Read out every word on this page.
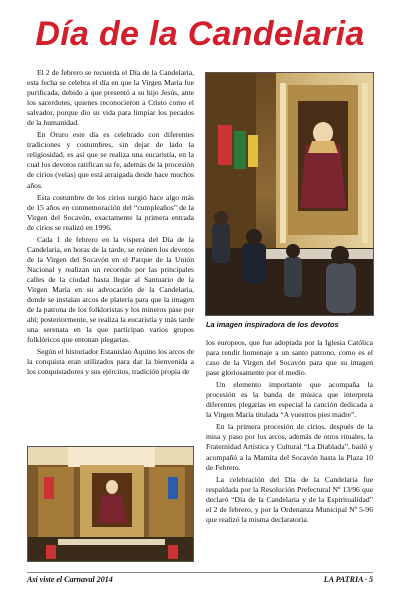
Día de la Candelaria

El 2 de febrero se recuerda el Día de la Candelaria, esta fecha se celebra el día en que la Virgen María fue purificada, debido a que presentó a su hijo Jesús, ante los sacerdotes, quienes reconocieron a Cristo como el salvador, porque dio su vida para limpiar los pecados de la humanidad.

En Oruro este día es celebrado con diferentes tradiciones y costumbres, sin dejar de lado la religiosidad, es así que se realiza una eucaristía, en la cual los devotos ratifican su fe, además de la procesión de cirios (velas) que está arraigada desde hace muchos años.

Esta costumbre de los cirios surgió hace algo más de 15 años en conmemoración del “cumpleaños” de la Virgen del Socavón, exactamente la primera entrada de cirios se realizó en 1996.

Cada 1 de febrero en la víspera del Día de la Candelaria, en horas de la tarde, se reúnen los devotos de la Virgen del Socavón en el Parque de la Unión Nacional y realizan un recorrido por las principales calles de la ciudad hasta llegar al Santuario de la Virgen María en su advocación de la Candelaria, donde se instalan arcos de platería para que la imagen de la patrona de los folkloristas y los mineros pase por ahí; posteriormente, se realiza la eucaristía y más tarde una serenata en la que participan varios grupos folklóricos que entonan plegarias.

Según el historiador Estanislao Aquino los arcos de la conquista eran utilizados para dar la bienvenida a los conquistadores y sus ejércitos, tradición propia de

La imagen inspiradora de los devotos

los europeos, que fue adoptada por la Iglesia Católica para rendir homenaje a un santo patrono, como es el caso de la Virgen del Socavón para que su imagen pase gloriosamente por el medio.

Un elemento importante que acompaña la procesión es la banda de música que interpreta diferentes plegarias en especial la canción dedicada a la Virgen María titulada “A vuestros pies madre”.

En la primera procesión de cirios, después de la misa y paso por los arcos, además de otros rituales, la Fraternidad Artística y Cultural “La Diablada”, bailó y acompañó a la Mamita del Socavón hasta la Plaza 10 de Febrero.

La celebración del Día de la Candelaria fue respaldada por la Resolución Prefectural Nº 13/96 que declaró “Día de la Candelaria y de la Espiritualidad” el 2 de febrero, y por la Ordenanza Municipal Nº 5-96 que realizó la misma declaratoria.

Así viste el Carnaval 2014	LA PATRIA · 5
